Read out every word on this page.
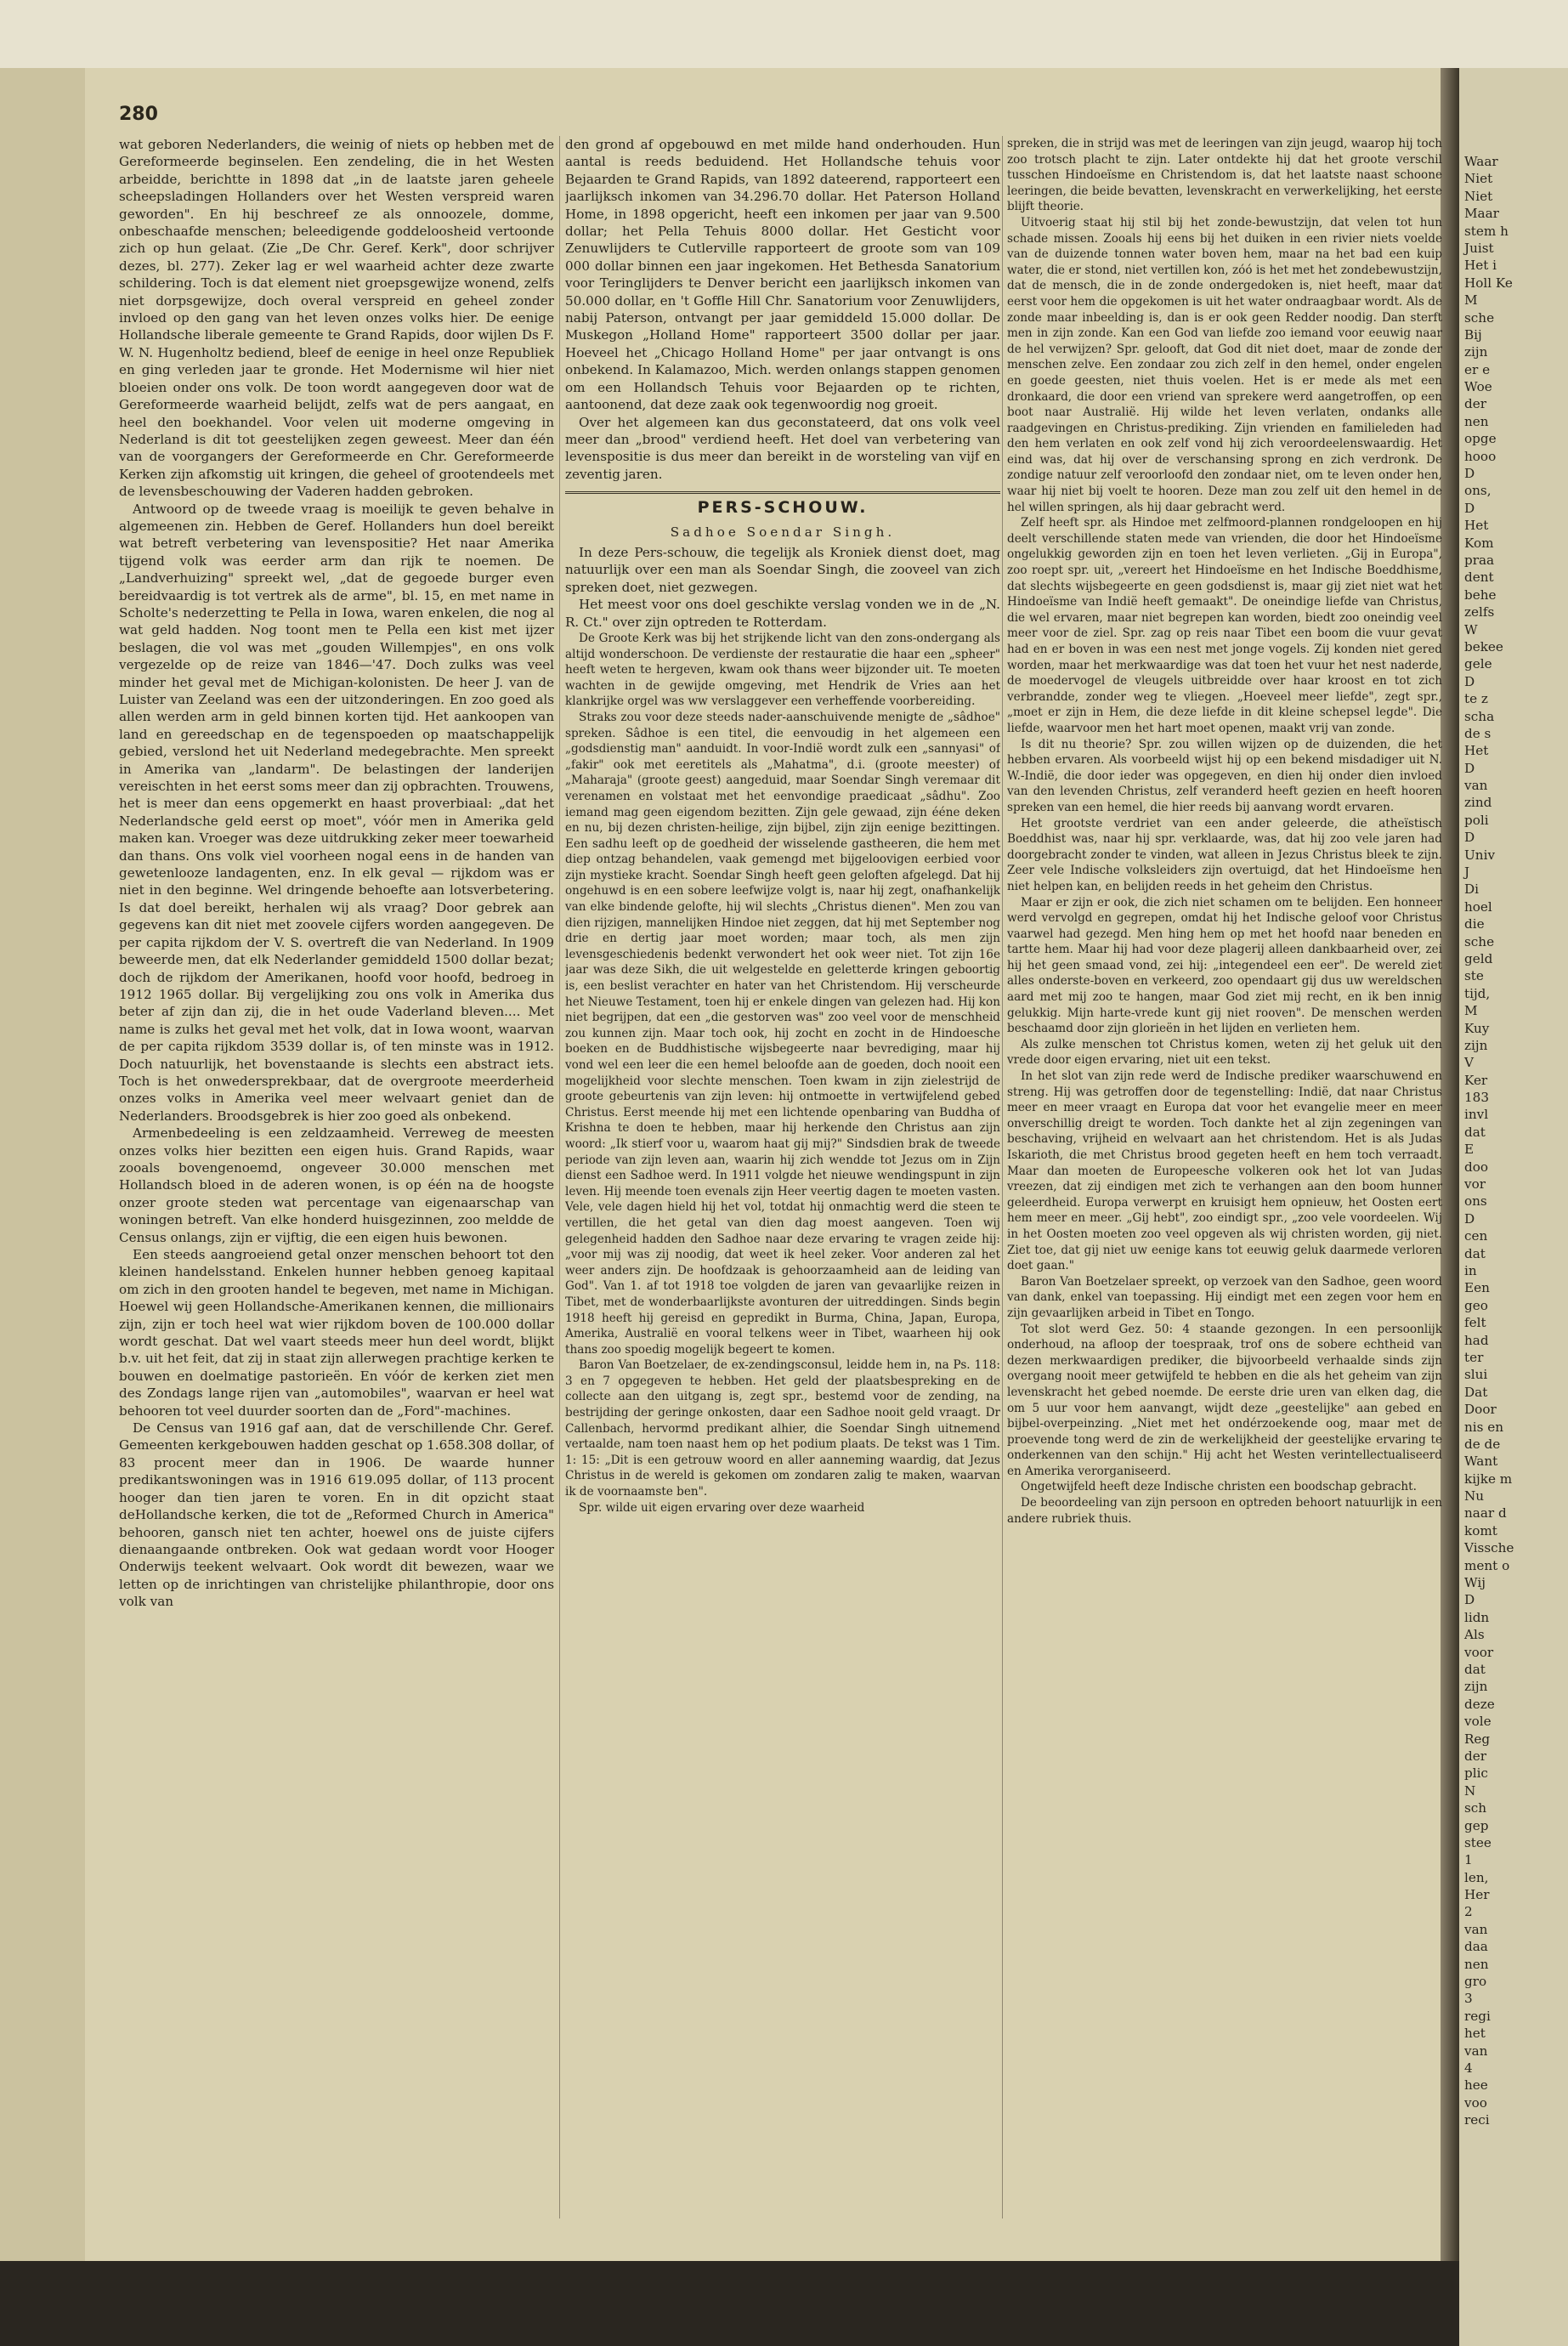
Waar
Niet
Niet
Maar
stem h
Juist
Het i
Holl Ke
M
sche
Bij
zijn
er e
Woe
der
nen
opge
hooo
D
ons,
D
Het
Kom
praa
dent
behe
zelfs
W
bekee
gele
D
te z
scha
de s
Het
D
van
zind
poli
D
Univ
J
Di
hoel
die
sche
geld
ste
tijd,
M
Kuy
zijn
V
Ker
183
invl
dat
E
doo
vor
ons
D
cen
dat
in
Een
geo
felt
had
ter
slui
Dat
Door
nis en
de de
Want
kijke m
Nu
naar d
komt
Vissche
ment o
Wij
D
lidn
Als
voor
dat
zijn
deze
vole
Reg
der
plic
N
sch
gep
stee
1
len,
Her
2
van
daa
nen
gro
3
regi
het
van
4
hee
voo
reci
280

wat geboren Nederlanders, die weinig of niets op hebben met de Gereformeerde beginselen. Een zendeling, die in het Westen arbeidde, berichtte in 1898 dat „in de laatste jaren geheele scheepsladingen Hollanders over het Westen verspreid waren geworden". En hij beschreef ze als onnoozele, domme, onbeschaafde menschen; beleedigende goddeloosheid vertoonde zich op hun gelaat. (Zie „De Chr. Geref. Kerk", door schrijver dezes, bl. 277). Zeker lag er wel waarheid achter deze zwarte schildering. Toch is dat element niet groepsgewijze wonend, zelfs niet dorpsgewijze, doch overal verspreid en geheel zonder invloed op den gang van het leven onzes volks hier. De eenige Hollandsche liberale gemeente te Grand Rapids, door wijlen Ds F. W. N. Hugenholtz bediend, bleef de eenige in heel onze Republiek en ging verleden jaar te gronde. Het Modernisme wil hier niet bloeien onder ons volk. De toon wordt aangegeven door wat de Gereformeerde waarheid belijdt, zelfs wat de pers aangaat, en heel den boekhandel. Voor velen uit moderne omgeving in Nederland is dit tot geestelijken zegen geweest. Meer dan één van de voorgangers der Gereformeerde en Chr. Gereformeerde Kerken zijn afkomstig uit kringen, die geheel of grootendeels met de levensbeschouwing der Vaderen hadden gebroken.

Antwoord op de tweede vraag is moeilijk te geven behalve in algemeenen zin. Hebben de Geref. Hollanders hun doel bereikt wat betreft verbetering van levenspositie? Het naar Amerika tijgend volk was eerder arm dan rijk te noemen. De „Landverhuizing" spreekt wel, „dat de gegoede burger even bereidvaardig is tot vertrek als de arme", bl. 15, en met name in Scholte's nederzetting te Pella in Iowa, waren enkelen, die nog al wat geld hadden. Nog toont men te Pella een kist met ijzer beslagen, die vol was met „gouden Willempjes", en ons volk vergezelde op de reize van 1846—'47. Doch zulks was veel minder het geval met de Michigan-kolonisten. De heer J. van de Luister van Zeeland was een der uitzonderingen. En zoo goed als allen werden arm in geld binnen korten tijd. Het aankoopen van land en gereedschap en de tegenspoeden op maatschappelijk gebied, verslond het uit Nederland medegebrachte. Men spreekt in Amerika van „landarm". De belastingen der landerijen vereischten in het eerst soms meer dan zij opbrachten. Trouwens, het is meer dan eens opgemerkt en haast proverbiaal: „dat het Nederlandsche geld eerst op moet", vóór men in Amerika geld maken kan. Vroeger was deze uitdrukking zeker meer toewarheid dan thans. Ons volk viel voorheen nogal eens in de handen van gewetenlooze landagenten, enz. In elk geval — rijkdom was er niet in den beginne. Wel dringende behoefte aan lotsverbetering. Is dat doel bereikt, herhalen wij als vraag? Door gebrek aan gegevens kan dit niet met zoovele cijfers worden aangegeven. De per capita rijkdom der V. S. overtreft die van Nederland. In 1909 beweerde men, dat elk Nederlander gemiddeld 1500 dollar bezat; doch de rijkdom der Amerikanen, hoofd voor hoofd, bedroeg in 1912 1965 dollar. Bij vergelijking zou ons volk in Amerika dus beter af zijn dan zij, die in het oude Vaderland bleven.... Met name is zulks het geval met het volk, dat in Iowa woont, waarvan de per capita rijkdom 3539 dollar is, of ten minste was in 1912. Doch natuurlijk, het bovenstaande is slechts een abstract iets. Toch is het onwedersprekbaar, dat de overgroote meerderheid onzes volks in Amerika veel meer welvaart geniet dan de Nederlanders. Broodsgebrek is hier zoo goed als onbekend.

Armenbedeeling is een zeldzaamheid. Verreweg de meesten onzes volks hier bezitten een eigen huis. Grand Rapids, waar zooals bovengenoemd, ongeveer 30.000 menschen met Hollandsch bloed in de aderen wonen, is op één na de hoogste onzer groote steden wat percentage van eigenaarschap van woningen betreft. Van elke honderd huisgezinnen, zoo meldde de Census onlangs, zijn er vijftig, die een eigen huis bewonen.

Een steeds aangroeiend getal onzer menschen behoort tot den kleinen handelsstand. Enkelen hunner hebben genoeg kapitaal om zich in den grooten handel te begeven, met name in Michigan. Hoewel wij geen Hollandsche-Amerikanen kennen, die millionairs zijn, zijn er toch heel wat wier rijkdom boven de 100.000 dollar wordt geschat. Dat wel vaart steeds meer hun deel wordt, blijkt b.v. uit het feit, dat zij in staat zijn allerwegen prachtige kerken te bouwen en doelmatige pastorieën. En vóór de kerken ziet men des Zondags lange rijen van „automobiles", waarvan er heel wat behooren tot veel duurder soorten dan de „Ford"-machines.

De Census van 1916 gaf aan, dat de verschillende Chr. Geref. Gemeenten kerkgebouwen hadden geschat op 1.658.308 dollar, of 83 procent meer dan in 1906. De waarde hunner predikantswoningen was in 1916 619.095 dollar, of 113 procent hooger dan tien jaren te voren. En in dit opzicht staat deHollandsche kerken, die tot de „Reformed Church in America" behooren, gansch niet ten achter, hoewel ons de juiste cijfers dienaangaande ontbreken. Ook wat gedaan wordt voor Hooger Onderwijs teekent welvaart. Ook wordt dit bewezen, waar we letten op de inrichtingen van christelijke philanthropie, door ons volk van

den grond af opgebouwd en met milde hand onderhouden. Hun aantal is reeds beduidend. Het Hollandsche tehuis voor Bejaarden te Grand Rapids, van 1892 dateerend, rapporteert een jaarlijksch inkomen van 34.296.70 dollar. Het Paterson Holland Home, in 1898 opgericht, heeft een inkomen per jaar van 9.500 dollar; het Pella Tehuis 8000 dollar. Het Gesticht voor Zenuwlijders te Cutlerville rapporteert de groote som van 109 000 dollar binnen een jaar ingekomen. Het Bethesda Sanatorium voor Teringlijders te Denver bericht een jaarlijksch inkomen van 50.000 dollar, en 't Goffle Hill Chr. Sanatorium voor Zenuwlijders, nabij Paterson, ontvangt per jaar gemiddeld 15.000 dollar. De Muskegon „Holland Home" rapporteert 3500 dollar per jaar. Hoeveel het „Chicago Holland Home" per jaar ontvangt is ons onbekend. In Kalamazoo, Mich. werden onlangs stappen genomen om een Hollandsch Tehuis voor Bejaarden op te richten, aantoonend, dat deze zaak ook tegenwoordig nog groeit.

Over het algemeen kan dus geconstateerd, dat ons volk veel meer dan „brood" verdiend heeft. Het doel van verbetering van levenspositie is dus meer dan bereikt in de worsteling van vijf en zeventig jaren.

PERS-SCHOUW.

Sadhoe Soendar Singh.

In deze Pers-schouw, die tegelijk als Kroniek dienst doet, mag natuurlijk over een man als Soendar Singh, die zooveel van zich spreken doet, niet gezwegen.

Het meest voor ons doel geschikte verslag vonden we in de „N. R. Ct." over zijn optreden te Rotterdam.

De Groote Kerk was bij het strijkende licht van den zons-ondergang als altijd wonderschoon. De verdienste der restauratie die haar een „spheer" heeft weten te hergeven, kwam ook thans weer bijzonder uit. Te moeten wachten in de gewijde omgeving, met Hendrik de Vries aan het klankrijke orgel was ww verslaggever een verheffende voorbereiding.

Straks zou voor deze steeds nader-aanschuivende menigte de „sâdhoe" spreken. Sâdhoe is een titel, die eenvoudig in het algemeen een „godsdienstig man" aanduidt. In voor-Indië wordt zulk een „sannyasi" of „fakir" ook met eeretitels als „Mahatma", d.i. (groote meester) of „Maharaja" (groote geest) aangeduid, maar Soendar Singh veremaar dit verenamen en volstaat met het eenvondige praedicaat „sâdhu". Zoo iemand mag geen eigendom bezitten. Zijn gele gewaad, zijn ééne deken en nu, bij dezen christen-heilige, zijn bijbel, zijn zijn eenige bezittingen. Een sadhu leeft op de goedheid der wisselende gastheeren, die hem met diep ontzag behandelen, vaak gemengd met bijgeloovigen eerbied voor zijn mystieke kracht. Soendar Singh heeft geen geloften afgelegd. Dat hij ongehuwd is en een sobere leefwijze volgt is, naar hij zegt, onafhankelijk van elke bindende gelofte, hij wil slechts „Christus dienen". Men zou van dien rijzigen, mannelijken Hindoe niet zeggen, dat hij met September nog drie en dertig jaar moet worden; maar toch, als men zijn levensgeschiedenis bedenkt verwondert het ook weer niet. Tot zijn 16e jaar was deze Sikh, die uit welgestelde en geletterde kringen geboortig is, een beslist verachter en hater van het Christendom. Hij verscheurde het Nieuwe Testament, toen hij er enkele dingen van gelezen had. Hij kon niet begrijpen, dat een „die gestorven was" zoo veel voor de menschheid zou kunnen zijn. Maar toch ook, hij zocht en zocht in de Hindoesche boeken en de Buddhistische wijsbegeerte naar bevrediging, maar hij vond wel een leer die een hemel beloofde aan de goeden, doch nooit een mogelijkheid voor slechte menschen. Toen kwam in zijn zielestrijd de groote gebeurtenis van zijn leven: hij ontmoette in vertwijfelend gebed Christus. Eerst meende hij met een lichtende openbaring van Buddha of Krishna te doen te hebben, maar hij herkende den Christus aan zijn woord: „Ik stierf voor u, waarom haat gij mij?" Sindsdien brak de tweede periode van zijn leven aan, waarin hij zich wendde tot Jezus om in Zijn dienst een Sadhoe werd. In 1911 volgde het nieuwe wendingspunt in zijn leven. Hij meende toen evenals zijn Heer veertig dagen te moeten vasten. Vele, vele dagen hield hij het vol, totdat hij onmachtig werd die steen te vertillen, die het getal van dien dag moest aangeven. Toen wij gelegenheid hadden den Sadhoe naar deze ervaring te vragen zeide hij: „voor mij was zij noodig, dat weet ik heel zeker. Voor anderen zal het weer anders zijn. De hoofdzaak is gehoorzaamheid aan de leiding van God". Van 1. af tot 1918 toe volgden de jaren van gevaarlijke reizen in Tibet, met de wonderbaarlijkste avonturen der uitreddingen. Sinds begin 1918 heeft hij gereisd en gepredikt in Burma, China, Japan, Europa, Amerika, Australië en vooral telkens weer in Tibet, waarheen hij ook thans zoo spoedig mogelijk begeert te komen.

Baron Van Boetzelaer, de ex-zendingsconsul, leidde hem in, na Ps. 118: 3 en 7 opgegeven te hebben. Het geld der plaatsbespreking en de collecte aan den uitgang is, zegt spr., bestemd voor de zending, na bestrijding der geringe onkosten, daar een Sadhoe nooit geld vraagt. Dr Callenbach, hervormd predikant alhier, die Soendar Singh uitnemend vertaalde, nam toen naast hem op het podium plaats. De tekst was 1 Tim. 1: 15: „Dit is een getrouw woord en aller aanneming waardig, dat Jezus Christus in de wereld is gekomen om zondaren zalig te maken, waarvan ik de voornaamste ben".

Spr. wilde uit eigen ervaring over deze waarheid

spreken, die in strijd was met de leeringen van zijn jeugd, waarop hij toch zoo trotsch placht te zijn. Later ontdekte hij dat het groote verschil tusschen Hindoeïsme en Christendom is, dat het laatste naast schoone leeringen, die beide bevatten, levenskracht en verwerkelijking, het eerste blijft theorie.

Uitvoerig staat hij stil bij het zonde-bewustzijn, dat velen tot hun schade missen. Zooals hij eens bij het duiken in een rivier niets voelde van de duizende tonnen water boven hem, maar na het bad een kuip water, die er stond, niet vertillen kon, zóó is het met het zondebewustzijn, dat de mensch, die in de zonde ondergedoken is, niet heeft, maar dat eerst voor hem die opgekomen is uit het water ondraagbaar wordt. Als de zonde maar inbeelding is, dan is er ook geen Redder noodig. Dan sterft men in zijn zonde. Kan een God van liefde zoo iemand voor eeuwig naar de hel verwijzen? Spr. gelooft, dat God dit niet doet, maar de zonde der menschen zelve. Een zondaar zou zich zelf in den hemel, onder engelen en goede geesten, niet thuis voelen. Het is er mede als met een dronkaard, die door een vriend van sprekere werd aangetroffen, op een boot naar Australië. Hij wilde het leven verlaten, ondanks alle raadgevingen en Christus-prediking. Zijn vrienden en familieleden had den hem verlaten en ook zelf vond hij zich veroordeelenswaardig. Het eind was, dat hij over de verschansing sprong en zich verdronk. De zondige natuur zelf veroorloofd den zondaar niet, om te leven onder hen, waar hij niet bij voelt te hooren. Deze man zou zelf uit den hemel in de hel willen springen, als hij daar gebracht werd.

Zelf heeft spr. als Hindoe met zelfmoord-plannen rondgeloopen en hij deelt verschillende staten mede van vrienden, die door het Hindoeïsme ongelukkig geworden zijn en toen het leven verlieten. „Gij in Europa", zoo roept spr. uit, „vereert het Hindoeïsme en het Indische Boeddhisme, dat slechts wijsbegeerte en geen godsdienst is, maar gij ziet niet wat het Hindoeïsme van Indië heeft gemaakt". De oneindige liefde van Christus, die wel ervaren, maar niet begrepen kan worden, biedt zoo oneindig veel meer voor de ziel. Spr. zag op reis naar Tibet een boom die vuur gevat had en er boven in was een nest met jonge vogels. Zij konden niet gered worden, maar het merkwaardige was dat toen het vuur het nest naderde, de moedervogel de vleugels uitbreidde over haar kroost en tot zich verbrandde, zonder weg te vliegen. „Hoeveel meer liefde", zegt spr., „moet er zijn in Hem, die deze liefde in dit kleine schepsel legde". Die liefde, waarvoor men het hart moet openen, maakt vrij van zonde.

Is dit nu theorie? Spr. zou willen wijzen op de duizenden, die het hebben ervaren. Als voorbeeld wijst hij op een bekend misdadiger uit N. W.-Indië, die door ieder was opgegeven, en dien hij onder dien invloed van den levenden Christus, zelf veranderd heeft gezien en heeft hooren spreken van een hemel, die hier reeds bij aanvang wordt ervaren.

Het grootste verdriet van een ander geleerde, die atheïstisch Boeddhist was, naar hij spr. verklaarde, was, dat hij zoo vele jaren had doorgebracht zonder te vinden, wat alleen in Jezus Christus bleek te zijn. Zeer vele Indische volksleiders zijn overtuigd, dat het Hindoeïsme hen niet helpen kan, en belijden reeds in het geheim den Christus.

Maar er zijn er ook, die zich niet schamen om te belijden. Een honneer werd vervolgd en gegrepen, omdat hij het Indische geloof voor Christus vaarwel had gezegd. Men hing hem op met het hoofd naar beneden en tartte hem. Maar hij had voor deze plagerij alleen dankbaarheid over, zei hij het geen smaad vond, zei hij: „integendeel een eer". De wereld ziet alles onderste-boven en verkeerd, zoo opendaart gij dus uw wereldschen aard met mij zoo te hangen, maar God ziet mij recht, en ik ben innig gelukkig. Mijn harte-vrede kunt gij niet rooven". De menschen werden beschaamd door zijn glorieën in het lijden en verlieten hem.

Als zulke menschen tot Christus komen, weten zij het geluk uit den vrede door eigen ervaring, niet uit een tekst.

In het slot van zijn rede werd de Indische prediker waarschuwend en streng. Hij was getroffen door de tegenstelling: Indië, dat naar Christus meer en meer vraagt en Europa dat voor het evangelie meer en meer onverschillig dreigt te worden. Toch dankte het al zijn zegeningen van beschaving, vrijheid en welvaart aan het christendom. Het is als Judas Iskarioth, die met Christus brood gegeten heeft en hem toch verraadt. Maar dan moeten de Europeesche volkeren ook het lot van Judas vreezen, dat zij eindigen met zich te verhangen aan den boom hunner geleerdheid. Europa verwerpt en kruisigt hem opnieuw, het Oosten eert hem meer en meer. „Gij hebt", zoo eindigt spr., „zoo vele voordeelen. Wij in het Oosten moeten zoo veel opgeven als wij christen worden, gij niet. Ziet toe, dat gij niet uw eenige kans tot eeuwig geluk daarmede verloren doet gaan."

Baron Van Boetzelaer spreekt, op verzoek van den Sadhoe, geen woord van dank, enkel van toepassing. Hij eindigt met een zegen voor hem en zijn gevaarlijken arbeid in Tibet en Tongo.

Tot slot werd Gez. 50: 4 staande gezongen. In een persoonlijk onderhoud, na afloop der toespraak, trof ons de sobere echtheid van dezen merkwaardigen prediker, die bijvoorbeeld verhaalde sinds zijn overgang nooit meer getwijfeld te hebben en die als het geheim van zijn levenskracht het gebed noemde. De eerste drie uren van elken dag, die om 5 uur voor hem aanvangt, wijdt deze „geestelijke" aan gebed en bijbel-overpeinzing. „Niet met het ondérzoekende oog, maar met de proevende tong werd de zin de werkelijkheid der geestelijke ervaring te onderkennen van den schijn." Hij acht het Westen verintellectualiseerd en Amerika verorganiseerd.

Ongetwijfeld heeft deze Indische christen een boodschap gebracht.

De beoordeeling van zijn persoon en optreden behoort natuurlijk in een andere rubriek thuis.
